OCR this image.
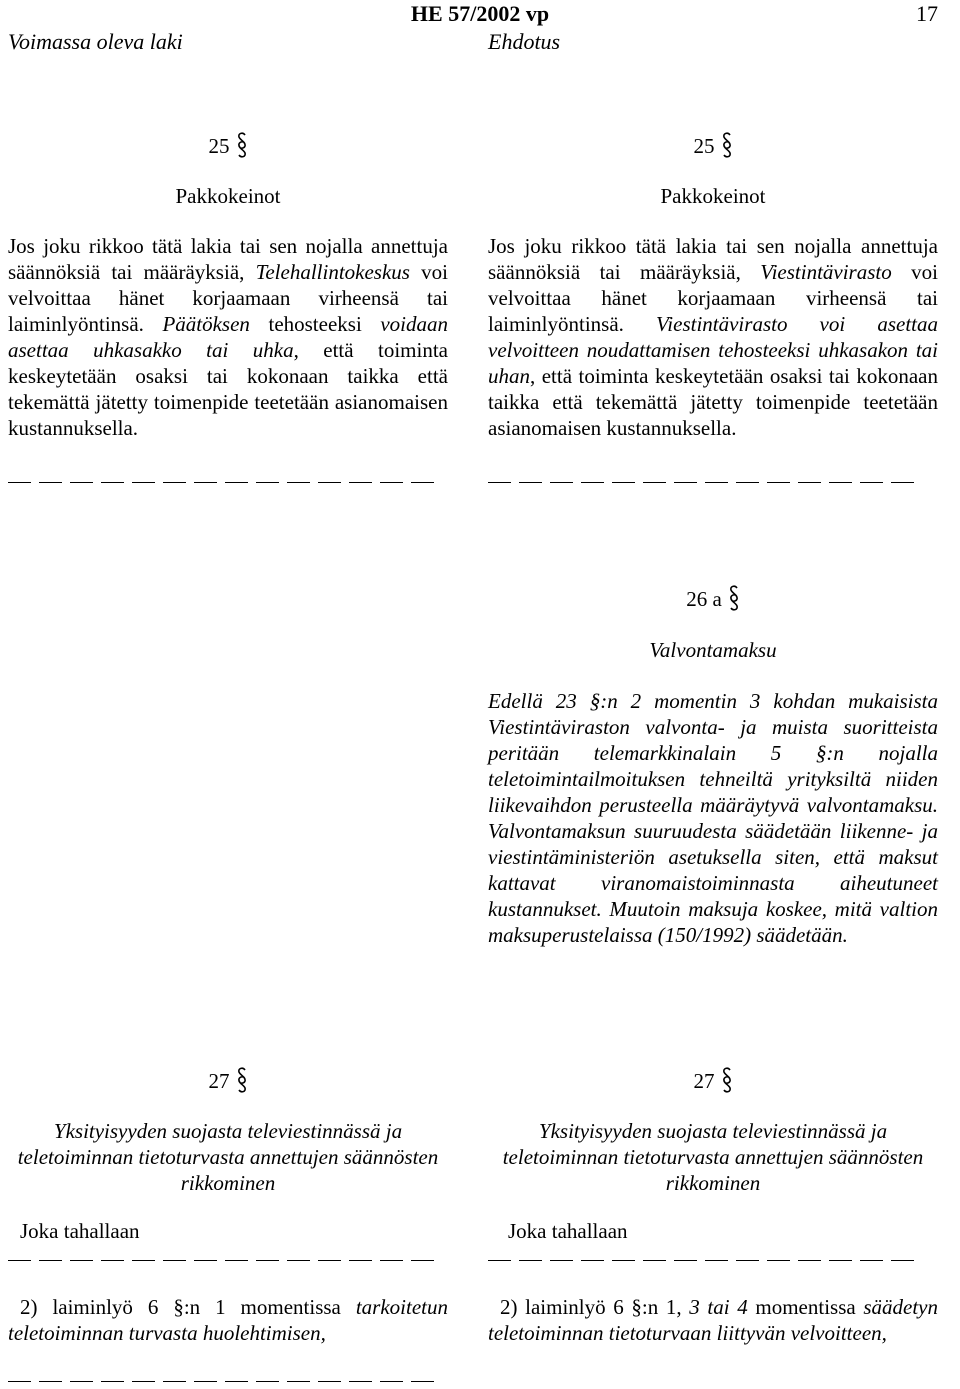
HE 57/2002 vp	17
Voimassa oleva laki	Ehdotus
25
Pakkokeinot

Jos joku rikkoo tätä lakia tai sen nojalla annettuja säännöksiä tai määräyksiä, Telehallintokeskus voi velvoittaa hänet korjaamaan virheensä tai laiminlyöntinsä. Päätöksen tehosteeksi voidaan asettaa uhkasakko tai uhka, että toiminta keskeytetään osaksi tai kokonaan taikka että tekemättä jätetty toimenpide teetetään asianomaisen kustannuksella.

25
Pakkokeinot

Jos joku rikkoo tätä lakia tai sen nojalla annettuja säännöksiä tai määräyksiä, Viestintävirasto voi velvoittaa hänet korjaamaan virheensä tai laiminlyöntinsä. Viestintävirasto voi asettaa velvoitteen noudattamisen tehosteeksi uhkasakon tai uhan, että toiminta keskeytetään osaksi tai kokonaan taikka että tekemättä jätetty toimenpide teetetään asianomaisen kustannuksella.

26 a
Valvontamaksu

Edellä 23 §:n 2 momentin 3 kohdan mukaisista Viestintäviraston valvonta- ja muista suoritteista peritään telemarkkinalain 5 §:n nojalla teletoimintailmoituksen tehneiltä yrityksiltä niiden liikevaihdon perusteella määräytyvä valvontamaksu. Valvontamaksun suuruudesta säädetään liikenne- ja viestintäministeriön asetuksella siten, että maksut kattavat viranomaistoiminnasta aiheutuneet kustannukset. Muutoin maksuja koskee, mitä valtion maksuperustelaissa (150/1992) säädetään.

27
Yksityisyyden suojasta televiestinnässä ja teletoiminnan tietoturvasta annettujen säännösten rikkominen
Joka tahallaan

2) laiminlyö 6 §:n 1 momentissa tarkoitetun teletoiminnan turvasta huolehtimisen,

27
Yksityisyyden suojasta televiestinnässä ja teletoiminnan tietoturvasta annettujen säännösten rikkominen
Joka tahallaan

2) laiminlyö 6 §:n 1, 3 tai 4 momentissa säädetyn teletoiminnan tietoturvaan liittyvän velvoitteen,
